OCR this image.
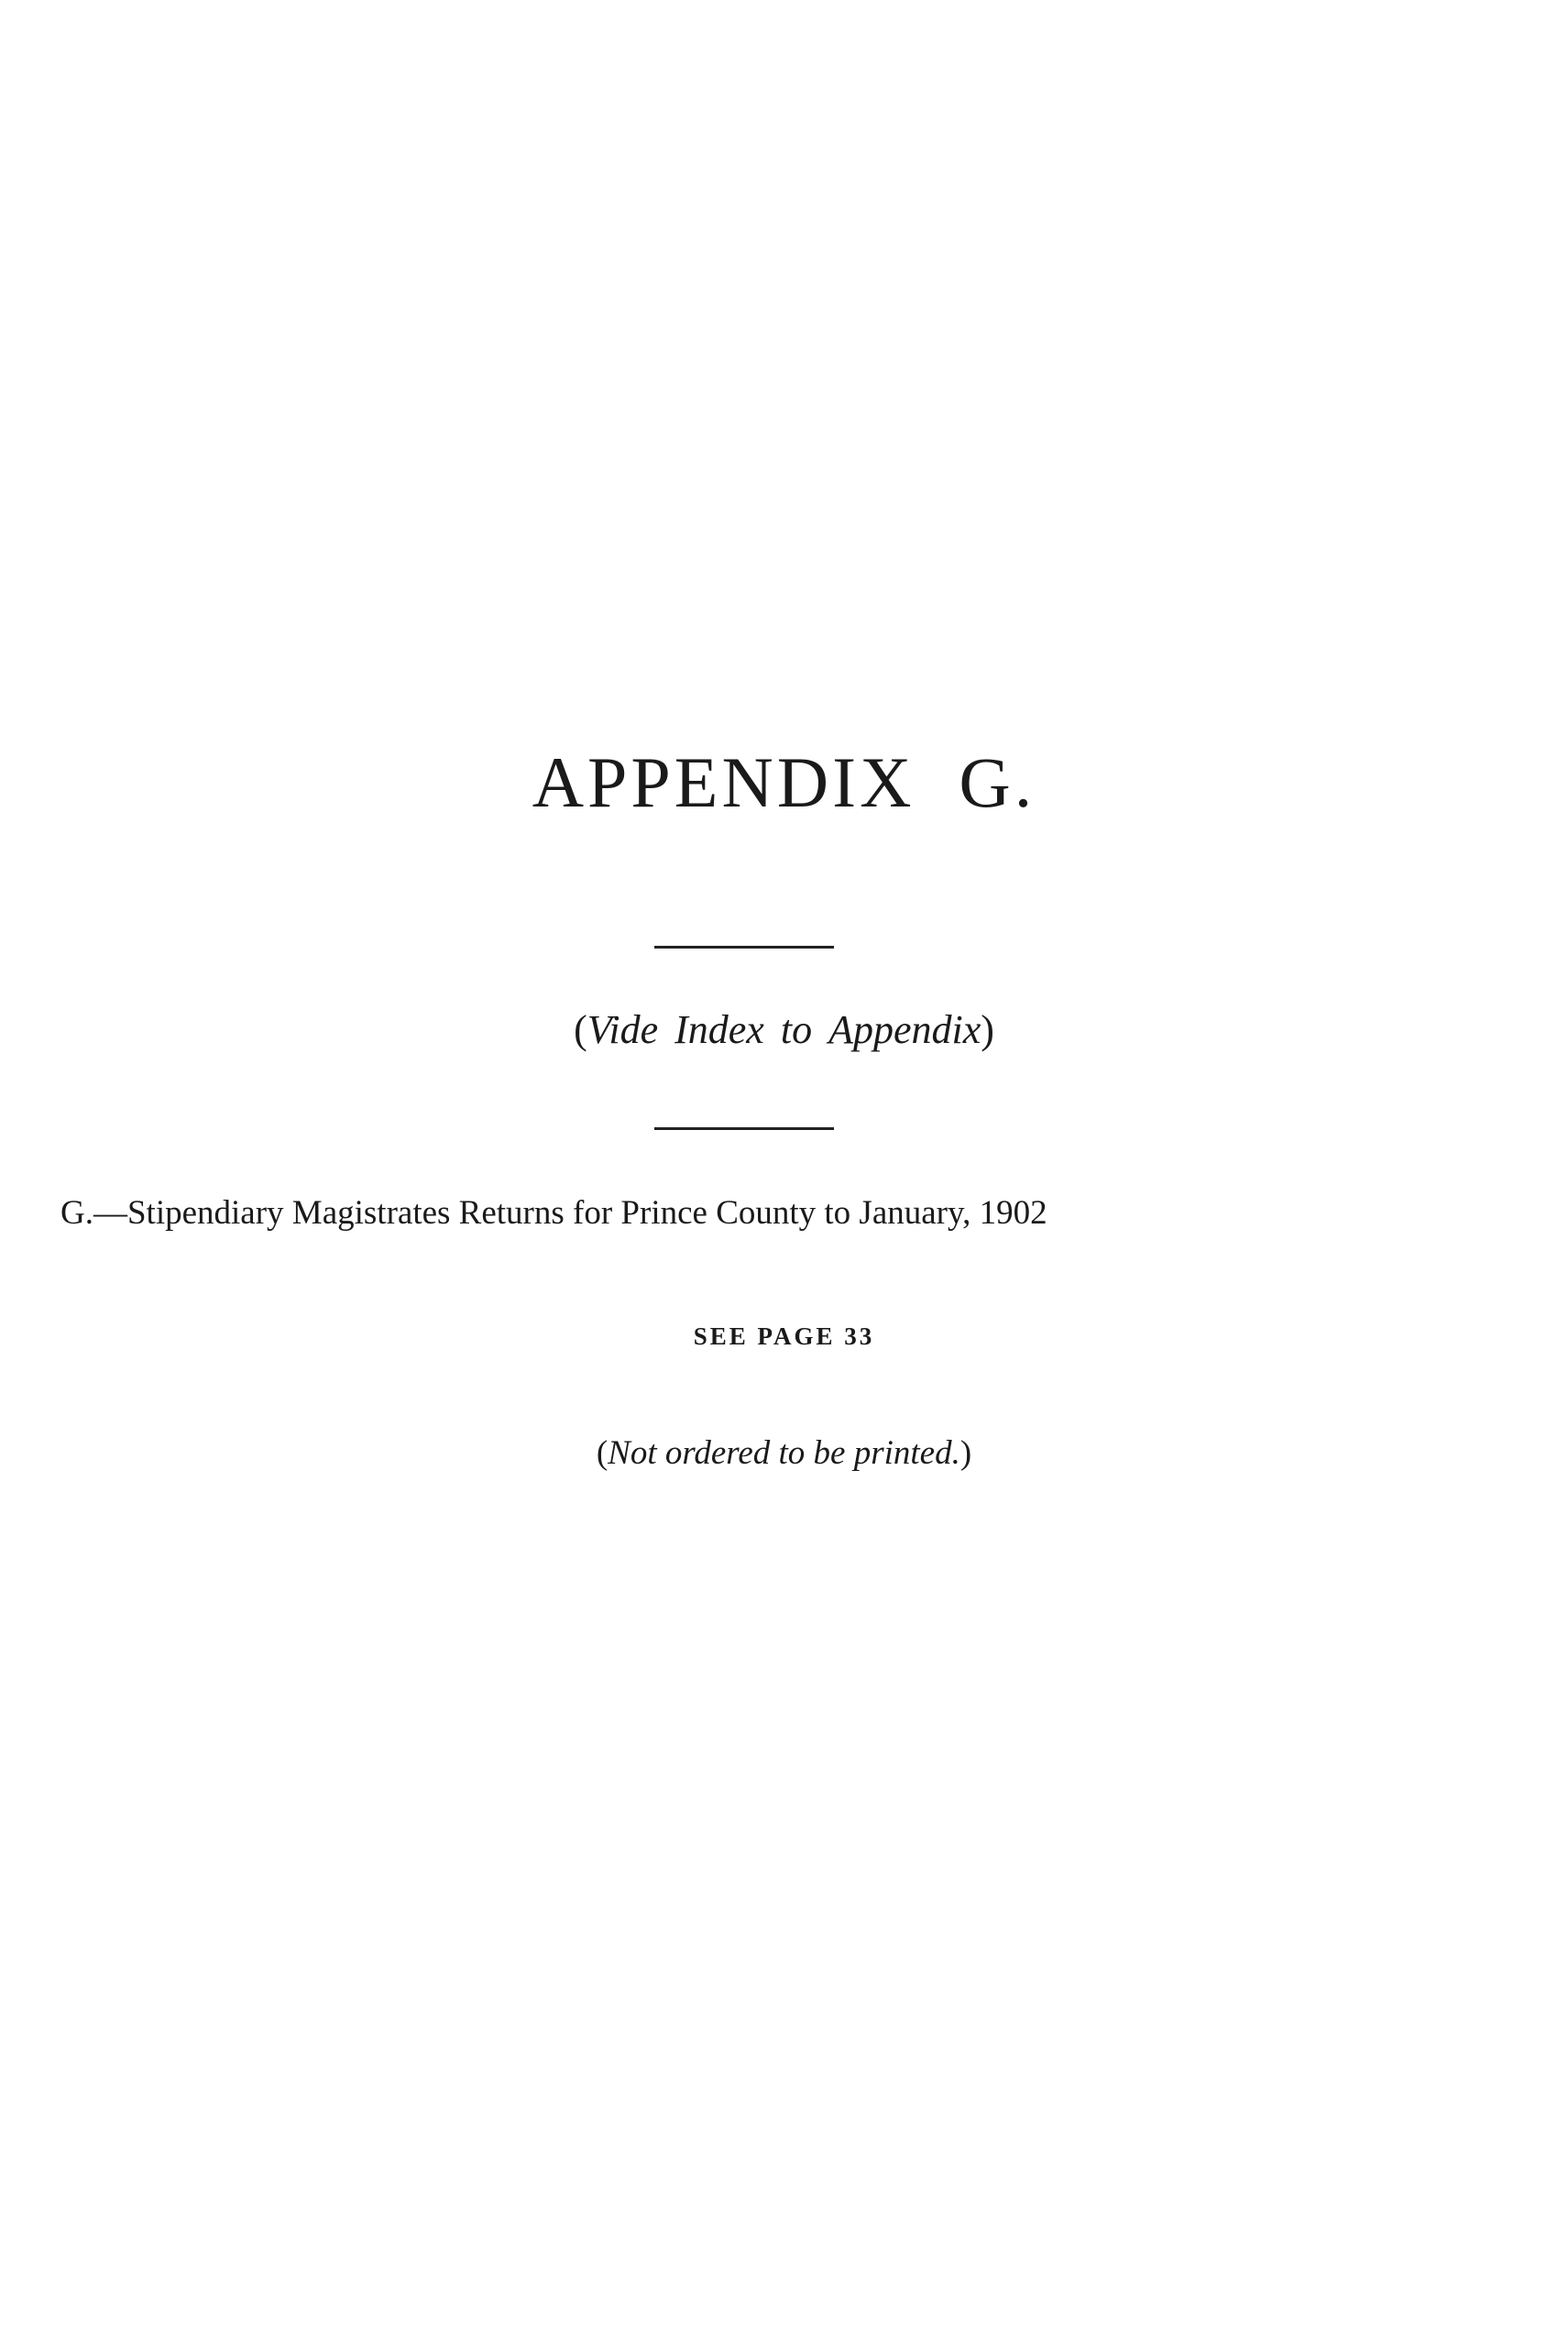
APPENDIX G.
(Vide Index to Appendix)
G.—Stipendiary Magistrates Returns for Prince County to January, 1902
SEE PAGE 33
(Not ordered to be printed.)
